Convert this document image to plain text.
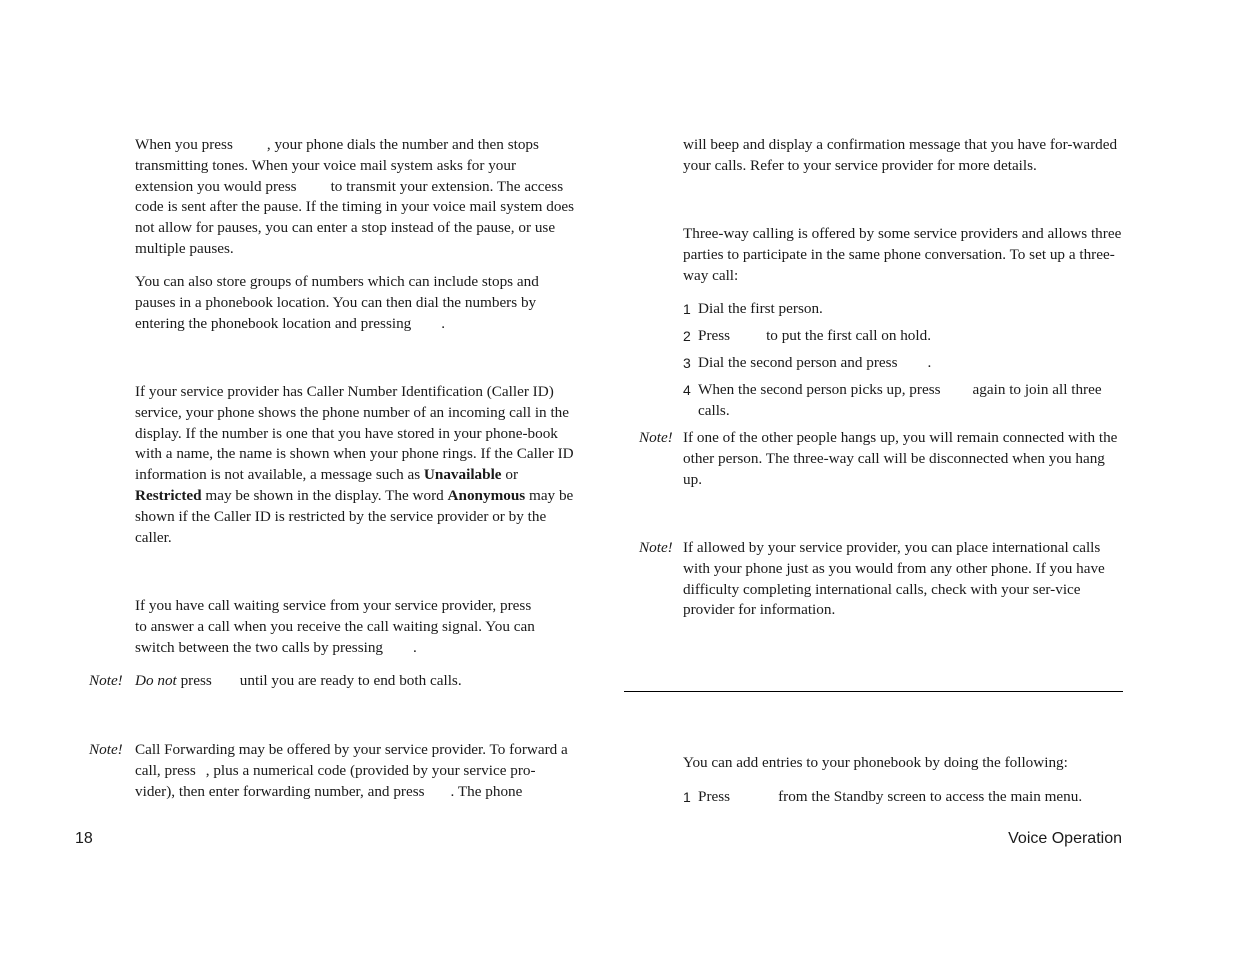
When you press , your phone dials the number and then stops transmitting tones. When your voice mail system asks for your extension you would press to transmit your extension. The access code is sent after the pause. If the timing in your voice mail system does not allow for pauses, you can enter a stop instead of the pause, or use multiple pauses.

You can also store groups of numbers which can include stops and pauses in a phonebook location. You can then dial the numbers by entering the phonebook location and pressing .

If your service provider has Caller Number Identification (Caller ID) service, your phone shows the phone number of an incoming call in the display. If the number is one that you have stored in your phone-book with a name, the name is shown when your phone rings. If the Caller ID information is not available, a message such as Unavailable or Restricted may be shown in the display. The word Anonymous may be shown if the Caller ID is restricted by the service provider or by the caller.

If you have call waiting service from your service provider, press to answer a call when you receive the call waiting signal. You can switch between the two calls by pressing .

Note! Do not press until you are ready to end both calls.

Note! Call Forwarding may be offered by your service provider. To forward a call, press , plus a numerical code (provided by your service pro-vider), then enter forwarding number, and press . The phone

will beep and display a confirmation message that you have for-warded your calls. Refer to your service provider for more details.

Three-way calling is offered by some service providers and allows three parties to participate in the same phone conversation. To set up a three-way call:

1 Dial the first person.
2 Press to put the first call on hold.
3 Dial the second person and press .
4 When the second person picks up, press again to join all three calls.
Note! If one of the other people hangs up, you will remain connected with the other person. The three-way call will be disconnected when you hang up.

Note! If allowed by your service provider, you can place international calls with your phone just as you would from any other phone. If you have difficulty completing international calls, check with your ser-vice provider for information.

You can add entries to your phonebook by doing the following:

1 Press	from the Standby screen to access the main menu.
18	Voice Operation
